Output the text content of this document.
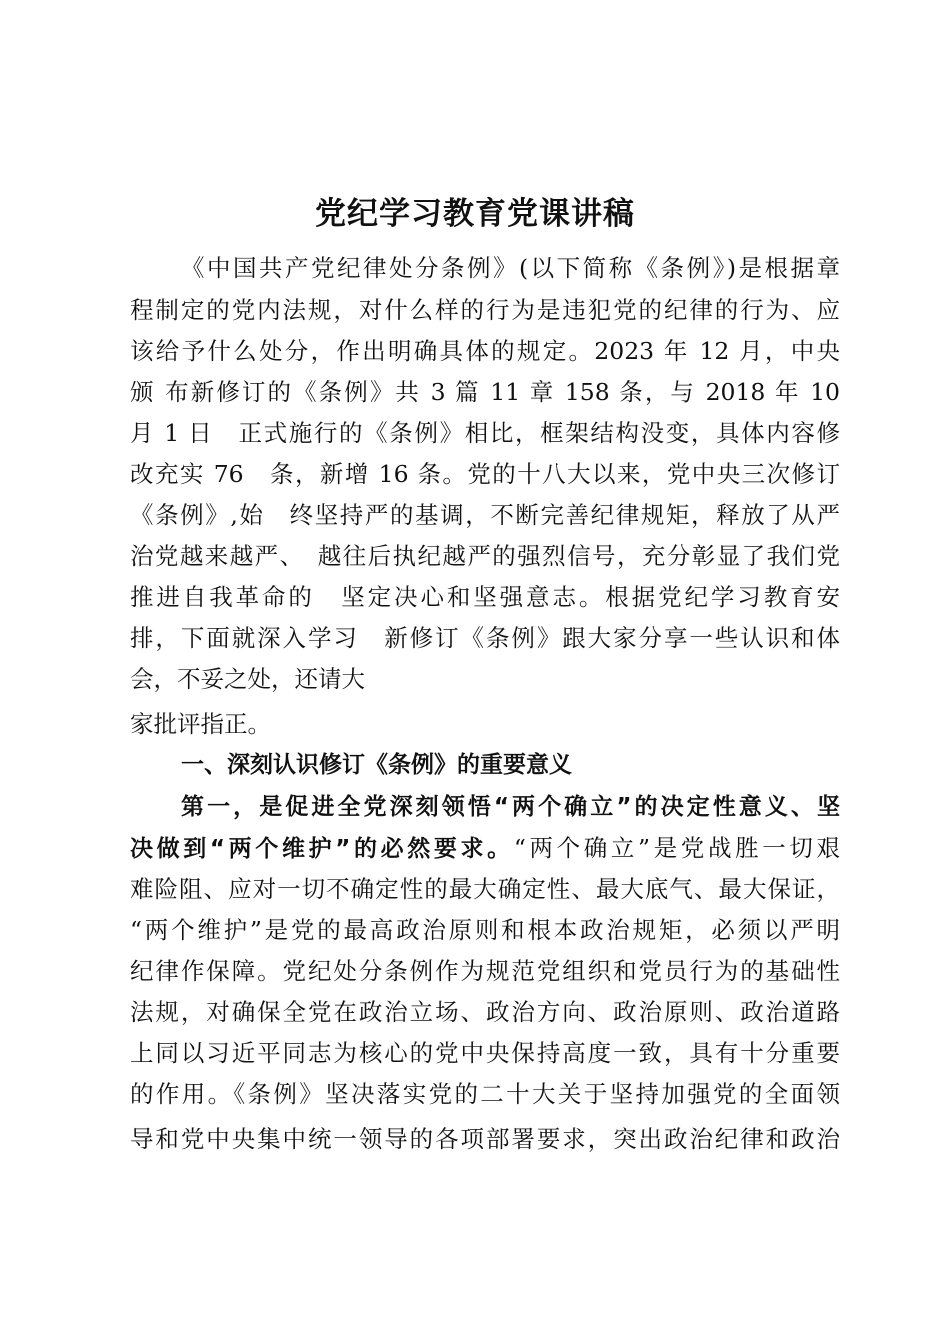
党纪学习教育党课讲稿
《中国共产党纪律处分条例》(以下简称《条例》)是根据章
程制定的党内法规，对什么样的行为是违犯党的纪律的行为、应
该给予什么处分，作出明确具体的规定。2023 年 12 月，中央
颁 布新修订的《条例》共 3 篇 11 章 158 条，与 2018 年 10
月 1 日　正式施行的《条例》相比，框架结构没变，具体内容修
改充实 76　条，新增 16 条。党的十八大以来，党中央三次修订
《条例》,始　终坚持严的基调，不断完善纪律规矩，释放了从严
治党越来越严、　越往后执纪越严的强烈信号，充分彰显了我们党
推进自我革命的　坚定决心和坚强意志。根据党纪学习教育安
排，下面就深入学习　新修订《条例》跟大家分享一些认识和体
会，不妥之处，还请大
家批评指正。
一、深刻认识修订《条例》的重要意义
第一，是促进全党深刻领悟“两个确立”的决定性意义、坚
决做到“两个维护”的必然要求。“两个确立”是党战胜一切艰
难险阻、应对一切不确定性的最大确定性、最大底气、最大保证，
“两个维护”是党的最高政治原则和根本政治规矩，必须以严明
纪律作保障。党纪处分条例作为规范党组织和党员行为的基础性
法规，对确保全党在政治立场、政治方向、政治原则、政治道路
上同以习近平同志为核心的党中央保持高度一致，具有十分重要
的作用。《条例》坚决落实党的二十大关于坚持加强党的全面领
导和党中央集中统一领导的各项部署要求，突出政治纪律和政治
